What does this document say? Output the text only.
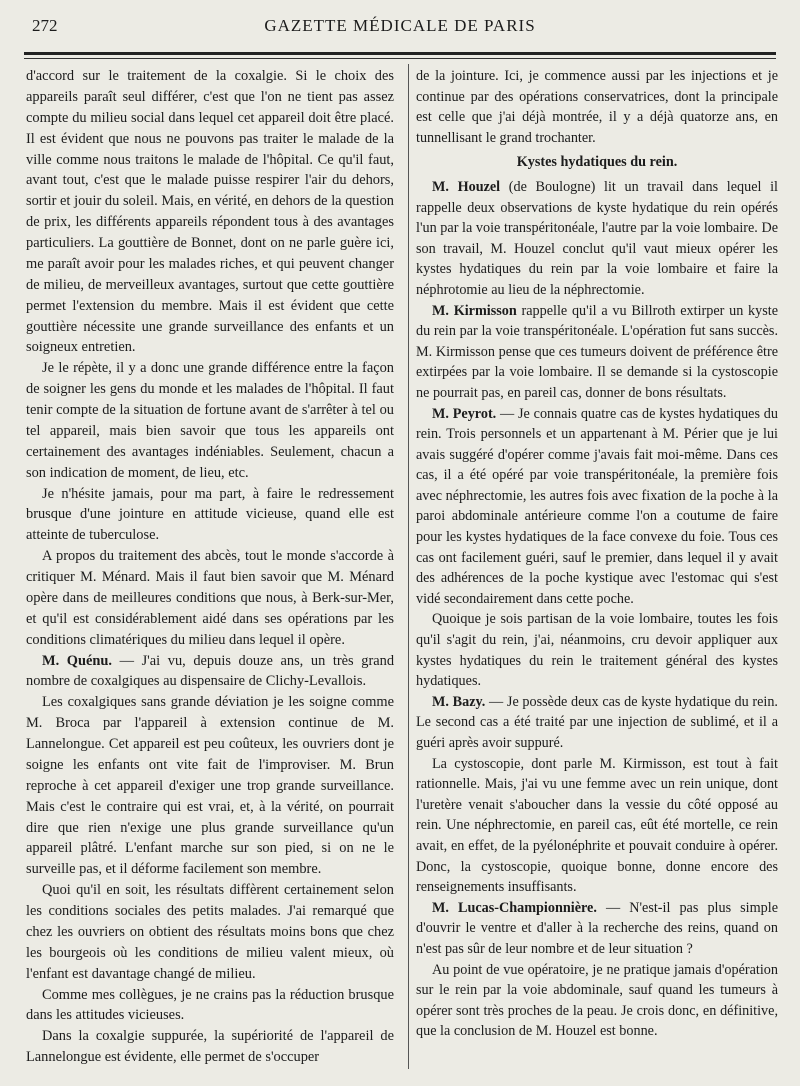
272	GAZETTE MÉDICALE DE PARIS

d'accord sur le traitement de la coxalgie. Si le choix des appareils paraît seul différer, c'est que l'on ne tient pas assez compte du milieu social dans lequel cet appareil doit être placé. Il est évident que nous ne pouvons pas traiter le malade de la ville comme nous traitons le malade de l'hôpital. Ce qu'il faut, avant tout, c'est que le malade puisse respirer l'air du dehors, sortir et jouir du soleil. Mais, en vérité, en dehors de la question de prix, les différents appareils répondent tous à des avantages particuliers. La gouttière de Bonnet, dont on ne parle guère ici, me paraît avoir pour les malades riches, et qui peuvent changer de milieu, de merveilleux avantages, surtout que cette gouttière permet l'extension du membre. Mais il est évident que cette gouttière nécessite une grande surveillance des enfants et un soigneux entretien.

Je le répète, il y a donc une grande différence entre la façon de soigner les gens du monde et les malades de l'hôpital. Il faut tenir compte de la situation de fortune avant de s'arrêter à tel ou tel appareil, mais bien savoir que tous les appareils ont certainement des avantages indéniables. Seulement, chacun a son indication de moment, de lieu, etc.

Je n'hésite jamais, pour ma part, à faire le redressement brusque d'une jointure en attitude vicieuse, quand elle est atteinte de tuberculose.

A propos du traitement des abcès, tout le monde s'accorde à critiquer M. Ménard. Mais il faut bien savoir que M. Ménard opère dans de meilleures conditions que nous, à Berk-sur-Mer, et qu'il est considérablement aidé dans ses opérations par les conditions climatériques du milieu dans lequel il opère.

M. Quénu. — J'ai vu, depuis douze ans, un très grand nombre de coxalgiques au dispensaire de Clichy-Levallois.

Les coxalgiques sans grande déviation je les soigne comme M. Broca par l'appareil à extension continue de M. Lannelongue. Cet appareil est peu coûteux, les ouvriers dont je soigne les enfants ont vite fait de l'improviser. M. Brun reproche à cet appareil d'exiger une trop grande surveillance. Mais c'est le contraire qui est vrai, et, à la vérité, on pourrait dire que rien n'exige une plus grande surveillance qu'un appareil plâtré. L'enfant marche sur son pied, si on ne le surveille pas, et il déforme facilement son membre.

Quoi qu'il en soit, les résultats diffèrent certainement selon les conditions sociales des petits malades. J'ai remarqué que chez les ouvriers on obtient des résultats moins bons que chez les bourgeois où les conditions de milieu valent mieux, où l'enfant est davantage changé de milieu.

Comme mes collègues, je ne crains pas la réduction brusque dans les attitudes vicieuses.

Dans la coxalgie suppurée, la supériorité de l'appareil de Lannelongue est évidente, elle permet de s'occuper

de la jointure. Ici, je commence aussi par les injections et je continue par des opérations conservatrices, dont la principale est celle que j'ai déjà montrée, il y a déjà quatorze ans, en tunnellisant le grand trochanter.

Kystes hydatiques du rein.

M. Houzel (de Boulogne) lit un travail dans lequel il rappelle deux observations de kyste hydatique du rein opérés l'un par la voie transpéritonéale, l'autre par la voie lombaire. De son travail, M. Houzel conclut qu'il vaut mieux opérer les kystes hydatiques du rein par la voie lombaire et faire la néphrotomie au lieu de la néphrectomie.

M. Kirmisson rappelle qu'il a vu Billroth extirper un kyste du rein par la voie transpéritonéale. L'opération fut sans succès. M. Kirmisson pense que ces tumeurs doivent de préférence être extirpées par la voie lombaire. Il se demande si la cystoscopie ne pourrait pas, en pareil cas, donner de bons résultats.

M. Peyrot. — Je connais quatre cas de kystes hydatiques du rein. Trois personnels et un appartenant à M. Périer que je lui avais suggéré d'opérer comme j'avais fait moi-même. Dans ces cas, il a été opéré par voie transpéritonéale, la première fois avec néphrectomie, les autres fois avec fixation de la poche à la paroi abdominale antérieure comme l'on a coutume de faire pour les kystes hydatiques de la face convexe du foie. Tous ces cas ont facilement guéri, sauf le premier, dans lequel il y avait des adhérences de la poche kystique avec l'estomac qui s'est vidé secondairement dans cette poche.

Quoique je sois partisan de la voie lombaire, toutes les fois qu'il s'agit du rein, j'ai, néanmoins, cru devoir appliquer aux kystes hydatiques du rein le traitement général des kystes hydatiques.

M. Bazy. — Je possède deux cas de kyste hydatique du rein. Le second cas a été traité par une injection de sublimé, et il a guéri après avoir suppuré.

La cystoscopie, dont parle M. Kirmisson, est tout à fait rationnelle. Mais, j'ai vu une femme avec un rein unique, dont l'uretère venait s'aboucher dans la vessie du côté opposé au rein. Une néphrectomie, en pareil cas, eût été mortelle, ce rein avait, en effet, de la pyélonéphrite et pouvait conduire à opérer. Donc, la cystoscopie, quoique bonne, donne encore des renseignements insuffisants.

M. Lucas-Championnière. — N'est-il pas plus simple d'ouvrir le ventre et d'aller à la recherche des reins, quand on n'est pas sûr de leur nombre et de leur situation ?

Au point de vue opératoire, je ne pratique jamais d'opération sur le rein par la voie abdominale, sauf quand les tumeurs à opérer sont très proches de la peau. Je crois donc, en définitive, que la conclusion de M. Houzel est bonne.
